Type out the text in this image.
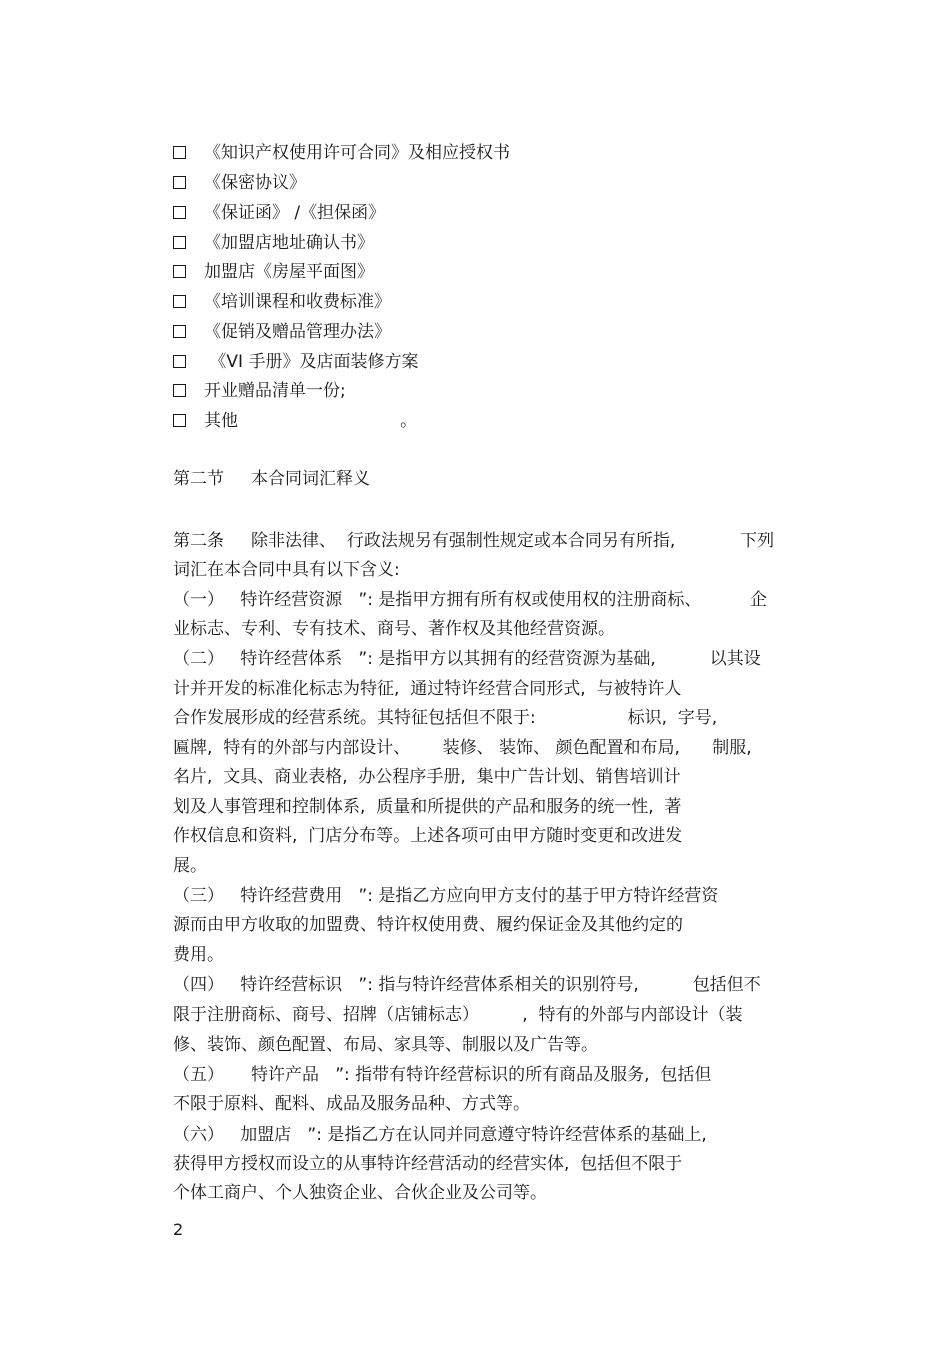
《知识产权使用许可合同》及相应授权书
《保密协议》
《保证函》 /《担保函》
《加盟店地址确认书》
加盟店《房屋平面图》
《培训课程和收费标准》
《促销及赠品管理办法》
《VI 手册》及店面装修方案
开业赠品清单一份;
其他                              。
第二节     本合同词汇释义
第二条     除非法律、  行政法规另有强制性规定或本合同另有所指,            下列
词汇在本合同中具有以下含义:
（一）   特许经营资源   ”: 是指甲方拥有所有权或使用权的注册商标、         企
业标志、专利、专有技术、商号、著作权及其他经营资源。
（二）   特许经营体系   ”: 是指甲方以其拥有的经营资源为基础,          以其设
计并开发的标准化标志为特征,  通过特许经营合同形式,  与被特许人
合作发展形成的经营系统。其特征包括但不限于:                 标识,  字号,
匾牌,  特有的外部与内部设计、      装修、 装饰、 颜色配置和布局,      制服,
名片,  文具、商业表格,  办公程序手册,  集中广告计划、销售培训计
划及人事管理和控制体系,  质量和所提供的产品和服务的统一性,  著
作权信息和资料,  门店分布等。上述各项可由甲方随时变更和改进发
展。
（三）   特许经营费用   ”: 是指乙方应向甲方支付的基于甲方特许经营资
源而由甲方收取的加盟费、特许权使用费、履约保证金及其他约定的
费用。
（四）   特许经营标识   ”: 指与特许经营体系相关的识别符号,          包括但不
限于注册商标、商号、招牌（店铺标志）        ,  特有的外部与内部设计（装
修、装饰、颜色配置、布局、家具等、制服以及广告等。
（五）     特许产品   ”: 指带有特许经营标识的所有商品及服务,  包括但
不限于原料、配料、成品及服务品种、方式等。
（六）   加盟店   ”: 是指乙方在认同并同意遵守特许经营体系的基础上,
获得甲方授权而设立的从事特许经营活动的经营实体,  包括但不限于
个体工商户、个人独资企业、合伙企业及公司等。
2
